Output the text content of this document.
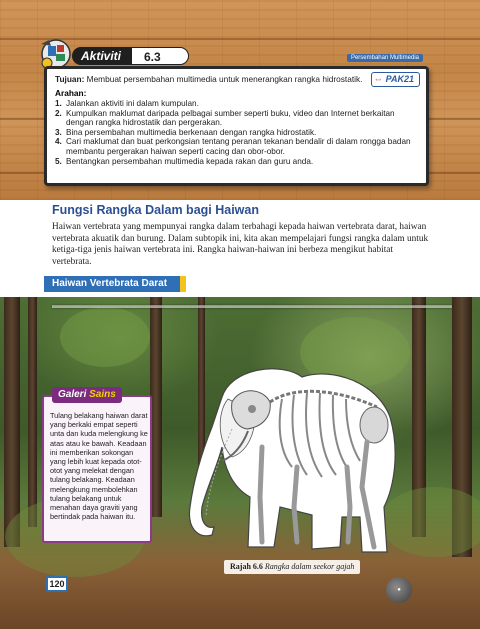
Aktiviti	6.3	Persembahan Multimedia
⇔ PAK21

Tujuan: Membuat persembahan multimedia untuk menerangkan rangka hidrostatik.

Arahan:

1. Jalankan aktiviti ini dalam kumpulan.
2. Kumpulkan maklumat daripada pelbagai sumber seperti buku, video dan Internet berkaitan dengan rangka hidrostatik dan pergerakan.
3. Bina persembahan multimedia berkenaan dengan rangka hidrostatik.
4. Cari maklumat dan buat perkongsian tentang peranan tekanan bendalir di dalam rongga badan membantu pergerakan haiwan seperti cacing dan obor-obor.
5. Bentangkan persembahan multimedia kepada rakan dan guru anda.
Fungsi Rangka Dalam bagi Haiwan

Haiwan vertebrata yang mempunyai rangka dalam terbahagi kepada haiwan vertebrata darat, haiwan vertebrata akuatik dan burung. Dalam subtopik ini, kita akan mempelajari fungsi rangka dalam untuk ketiga-tiga jenis haiwan vertebrata ini. Rangka haiwan-haiwan ini berbeza mengikut habitat vertebrata.

Haiwan Vertebrata Darat
▬▬▬▬▬▬▬▬▬▬▬▬▬▬▬▬▬▬▬▬▬▬▬▬▬▬▬▬▬▬▬▬▬▬▬▬▬▬▬▬▬▬▬
Galeri Sains

Tulang belakang haiwan darat yang berkaki empat seperti unta dan kuda melengkung ke atas atau ke bawah. Keadaan ini memberikan sokongan yang lebih kuat kepada otot-otot yang melekat dengan tulang belakang. Keadaan melengkung membolehkan tulang belakang untuk menahan daya graviti yang bertindak pada haiwan itu.

Rajah 6.6 Rangka dalam seekor gajah
120
●
